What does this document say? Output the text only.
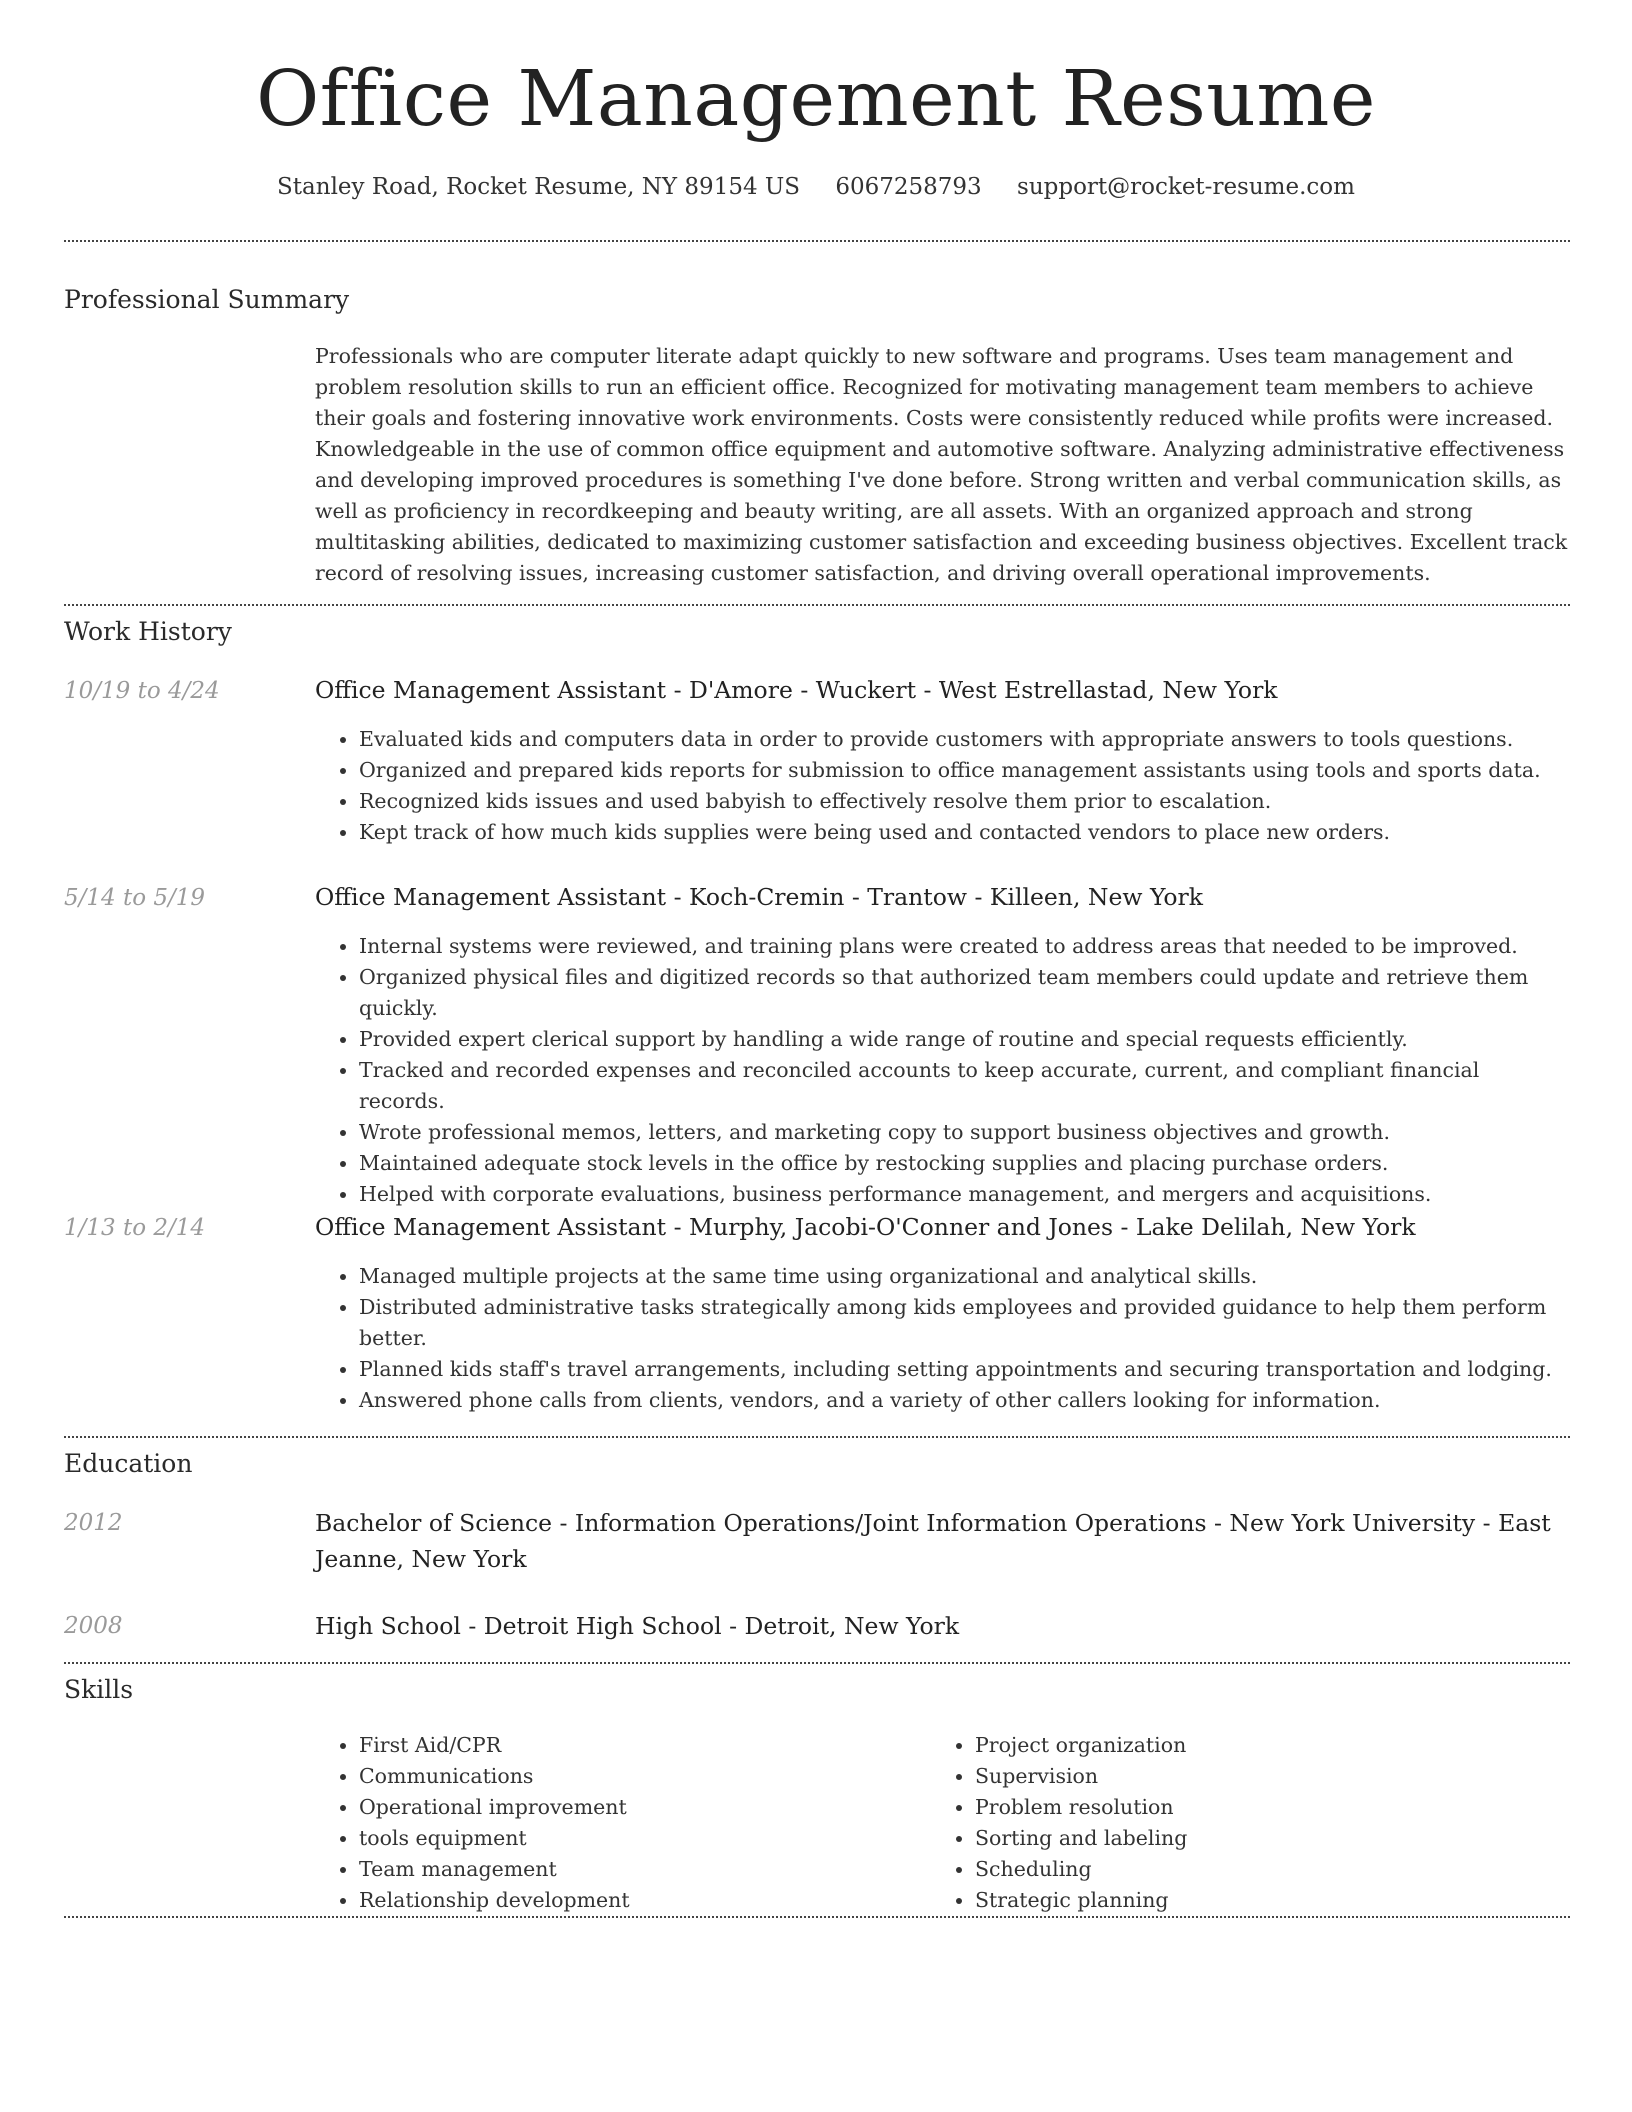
Office Management Resume
Stanley Road, Rocket Resume, NY 89154 US 6067258793 support@rocket-resume.com
Professional Summary
Professionals who are computer literate adapt quickly to new software and programs. Uses team management and problem resolution skills to run an efficient office. Recognized for motivating management team members to achieve their goals and fostering innovative work environments. Costs were consistently reduced while profits were increased. Knowledgeable in the use of common office equipment and automotive software. Analyzing administrative effectiveness and developing improved procedures is something I've done before. Strong written and verbal communication skills, as well as proficiency in recordkeeping and beauty writing, are all assets. With an organized approach and strong multitasking abilities, dedicated to maximizing customer satisfaction and exceeding business objectives. Excellent track record of resolving issues, increasing customer satisfaction, and driving overall operational improvements.
Work History
10/19 to 4/24	Office Management Assistant - D'Amore - Wuckert - West Estrellastad, New York
• Evaluated kids and computers data in order to provide customers with appropriate answers to tools questions.
• Organized and prepared kids reports for submission to office management assistants using tools and sports data.
• Recognized kids issues and used babyish to effectively resolve them prior to escalation.
• Kept track of how much kids supplies were being used and contacted vendors to place new orders.
5/14 to 5/19	Office Management Assistant - Koch-Cremin - Trantow - Killeen, New York
• Internal systems were reviewed, and training plans were created to address areas that needed to be improved.
• Organized physical files and digitized records so that authorized team members could update and retrieve them quickly.
• Provided expert clerical support by handling a wide range of routine and special requests efficiently.
• Tracked and recorded expenses and reconciled accounts to keep accurate, current, and compliant financial records.
• Wrote professional memos, letters, and marketing copy to support business objectives and growth.
• Maintained adequate stock levels in the office by restocking supplies and placing purchase orders.
• Helped with corporate evaluations, business performance management, and mergers and acquisitions.
1/13 to 2/14	Office Management Assistant - Murphy, Jacobi-O'Conner and Jones - Lake Delilah, New York
• Managed multiple projects at the same time using organizational and analytical skills.
• Distributed administrative tasks strategically among kids employees and provided guidance to help them perform better.
• Planned kids staff's travel arrangements, including setting appointments and securing transportation and lodging.
• Answered phone calls from clients, vendors, and a variety of other callers looking for information.
Education
2012	Bachelor of Science - Information Operations/Joint Information Operations - New York University - East Jeanne, New York
2008	High School - Detroit High School - Detroit, New York
Skills
• First Aid/CPR
• Communications
• Operational improvement
• tools equipment
• Team management
• Relationship development
• Project organization
• Supervision
• Problem resolution
• Sorting and labeling
• Scheduling
• Strategic planning
